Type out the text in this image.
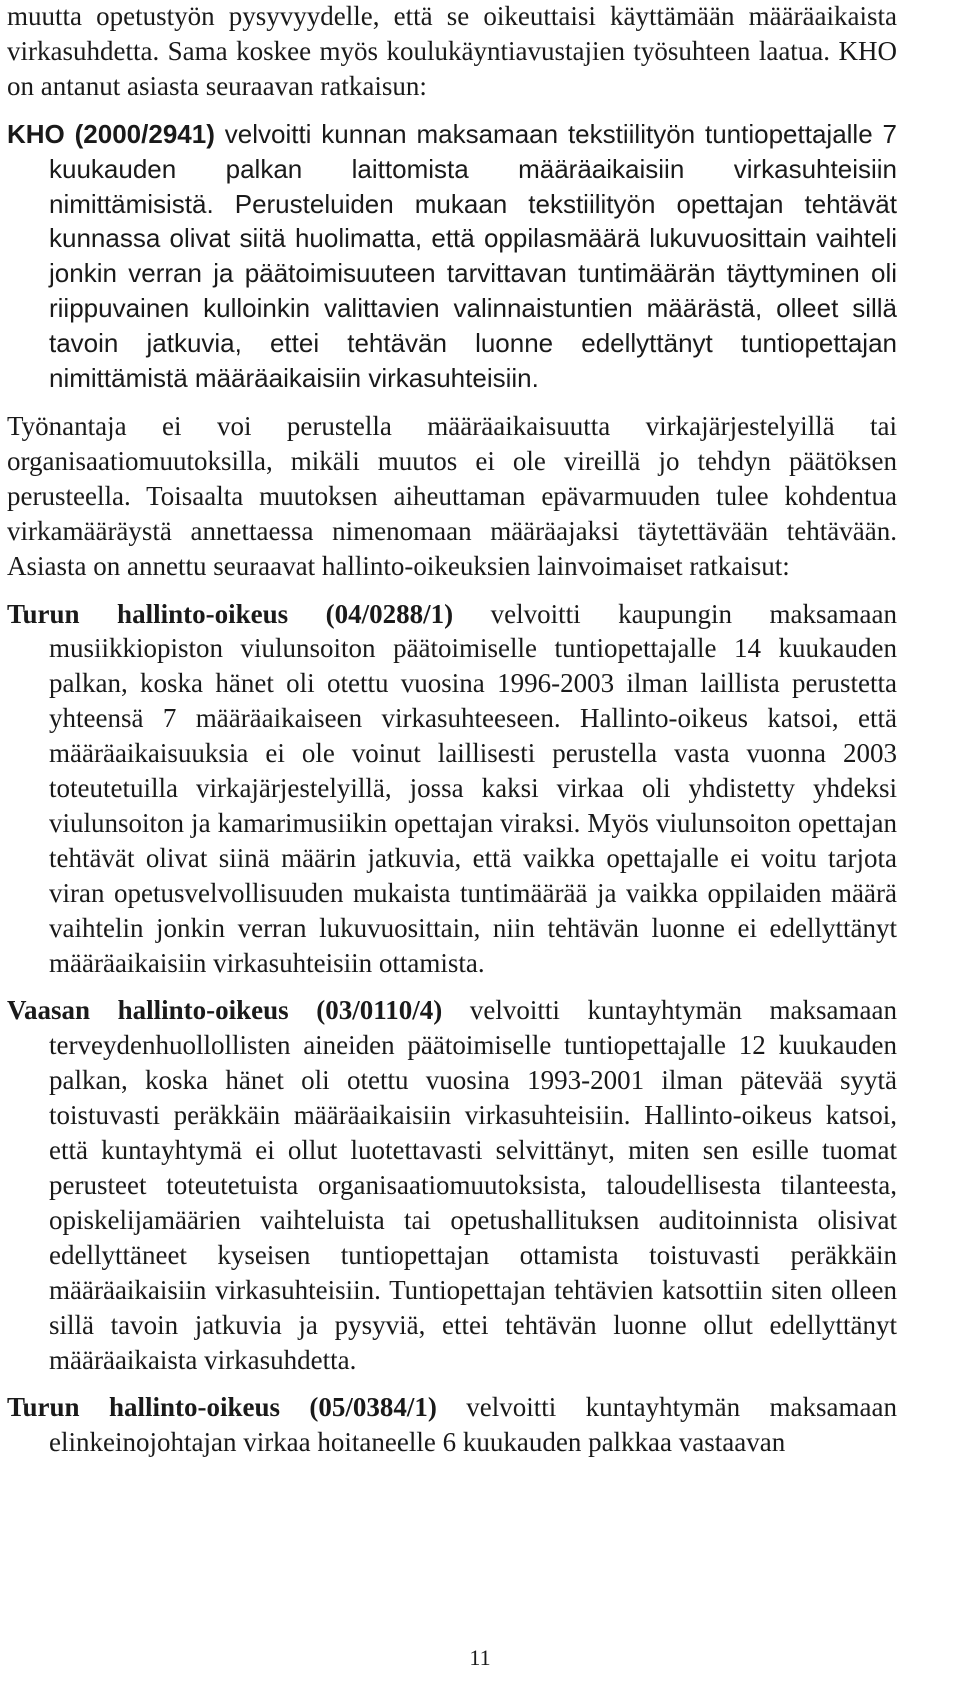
muutta opetustyön pysyvyydelle, että se oikeuttaisi käyttämään määräaikaista virkasuhdetta. Sama koskee myös koulukäyntiavustajien työsuhteen laatua. KHO on antanut asiasta seuraavan ratkaisun:

KHO (2000/2941) velvoitti kunnan maksamaan tekstiilityön tuntiopettajalle 7 kuukauden palkan laittomista määräaikaisiin virkasuhteisiin nimittämisistä. Perusteluiden mukaan tekstiilityön opettajan tehtävät kunnassa olivat siitä huolimatta, että oppilasmäärä lukuvuosittain vaihteli jonkin verran ja päätoimisuuteen tarvittavan tuntimäärän täyttyminen oli riippuvainen kulloinkin valittavien valinnaistuntien määrästä, olleet sillä tavoin jatkuvia, ettei tehtävän luonne edellyttänyt tuntiopettajan nimittämistä määräaikaisiin virkasuhteisiin.

Työnantaja ei voi perustella määräaikaisuutta virkajärjestelyillä tai organisaatiomuutoksilla, mikäli muutos ei ole vireillä jo tehdyn päätöksen perusteella. Toisaalta muutoksen aiheuttaman epävarmuuden tulee kohdentua virkamääräystä annettaessa nimenomaan määräajaksi täytettävään tehtävään. Asiasta on annettu seuraavat hallinto-oikeuksien lainvoimaiset ratkaisut:

Turun hallinto-oikeus (04/0288/1) velvoitti kaupungin maksamaan musiikkiopiston viulunsoiton päätoimiselle tuntiopettajalle 14 kuukauden palkan, koska hänet oli otettu vuosina 1996-2003 ilman laillista perustetta yhteensä 7 määräaikaiseen virkasuhteeseen. Hallinto-oikeus katsoi, että määräaikaisuuksia ei ole voinut laillisesti perustella vasta vuonna 2003 toteutetuilla virkajärjestelyillä, jossa kaksi virkaa oli yhdistetty yhdeksi viulunsoiton ja kamarimusiikin opettajan viraksi. Myös viulunsoiton opettajan tehtävät olivat siinä määrin jatkuvia, että vaikka opettajalle ei voitu tarjota viran opetusvelvollisuuden mukaista tuntimäärää ja vaikka oppilaiden määrä vaihtelin jonkin verran lukuvuosittain, niin tehtävän luonne ei edellyttänyt määräaikaisiin virkasuhteisiin ottamista.

Vaasan hallinto-oikeus (03/0110/4) velvoitti kuntayhtymän maksamaan terveydenhuollollisten aineiden päätoimiselle tuntiopettajalle 12 kuukauden palkan, koska hänet oli otettu vuosina 1993-2001 ilman pätevää syytä toistuvasti peräkkäin määräaikaisiin virkasuhteisiin. Hallinto-oikeus katsoi, että kuntayhtymä ei ollut luotettavasti selvittänyt, miten sen esille tuomat perusteet toteutetuista organisaatiomuutoksista, taloudellisesta tilanteesta, opiskelijamäärien vaihteluista tai opetushallituksen auditoinnista olisivat edellyttäneet kyseisen tuntiopettajan ottamista toistuvasti peräkkäin määräaikaisiin virkasuhteisiin. Tuntiopettajan tehtävien katsottiin siten olleen sillä tavoin jatkuvia ja pysyviä, ettei tehtävän luonne ollut edellyttänyt määräaikaista virkasuhdetta.

Turun hallinto-oikeus (05/0384/1) velvoitti kuntayhtymän maksamaan elinkeinojohtajan virkaa hoitaneelle 6 kuukauden palkkaa vastaavan

11
